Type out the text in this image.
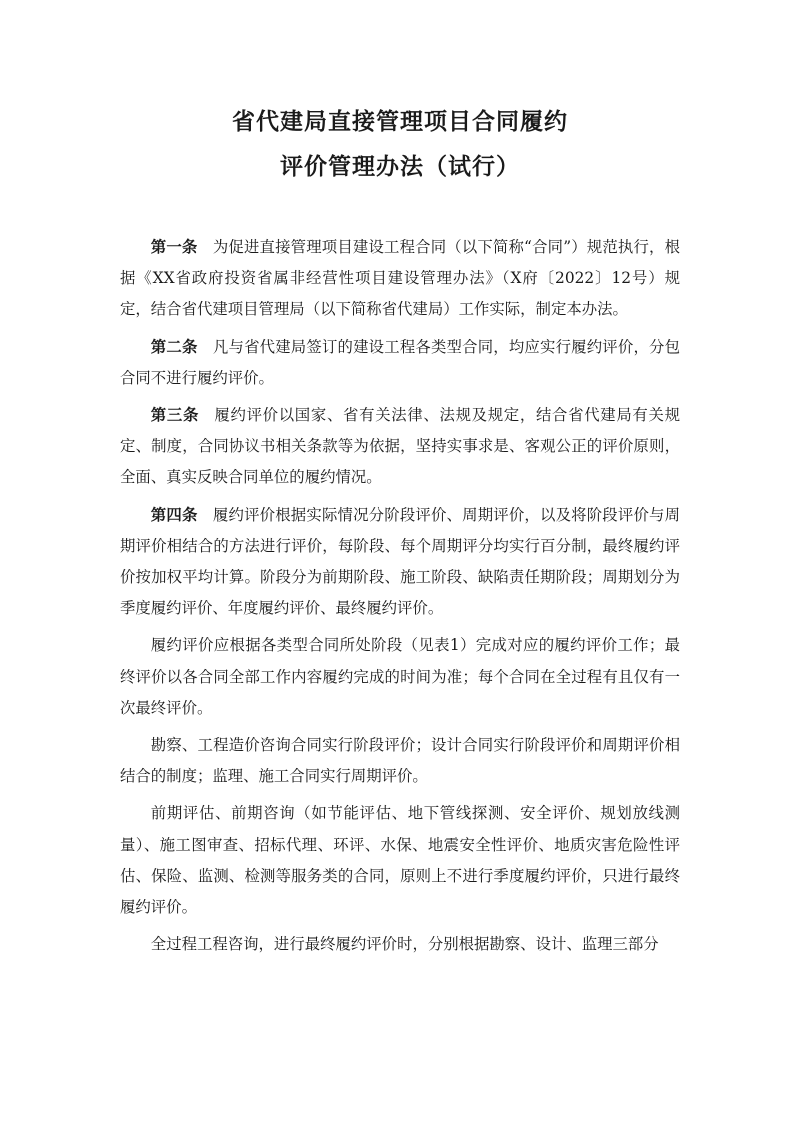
省代建局直接管理项目合同履约
评价管理办法（试行）

第一条 为促进直接管理项目建设工程合同（以下简称“合同”）规范执行，根据《XX省政府投资省属非经营性项目建设管理办法》（X府〔2022〕12号）规定，结合省代建项目管理局（以下简称省代建局）工作实际，制定本办法。

第二条 凡与省代建局签订的建设工程各类型合同，均应实行履约评价，分包合同不进行履约评价。

第三条 履约评价以国家、省有关法律、法规及规定，结合省代建局有关规定、制度，合同协议书相关条款等为依据，坚持实事求是、客观公正的评价原则，全面、真实反映合同单位的履约情况。

第四条 履约评价根据实际情况分阶段评价、周期评价，以及将阶段评价与周期评价相结合的方法进行评价，每阶段、每个周期评分均实行百分制，最终履约评价按加权平均计算。阶段分为前期阶段、施工阶段、缺陷责任期阶段；周期划分为季度履约评价、年度履约评价、最终履约评价。

履约评价应根据各类型合同所处阶段（见表1）完成对应的履约评价工作；最终评价以各合同全部工作内容履约完成的时间为准；每个合同在全过程有且仅有一次最终评价。

勘察、工程造价咨询合同实行阶段评价；设计合同实行阶段评价和周期评价相结合的制度；监理、施工合同实行周期评价。

前期评估、前期咨询（如节能评估、地下管线探测、安全评价、规划放线测量）、施工图审查、招标代理、环评、水保、地震安全性评价、地质灾害危险性评估、保险、监测、检测等服务类的合同，原则上不进行季度履约评价，只进行最终履约评价。

全过程工程咨询，进行最终履约评价时，分别根据勘察、设计、监理三部分
